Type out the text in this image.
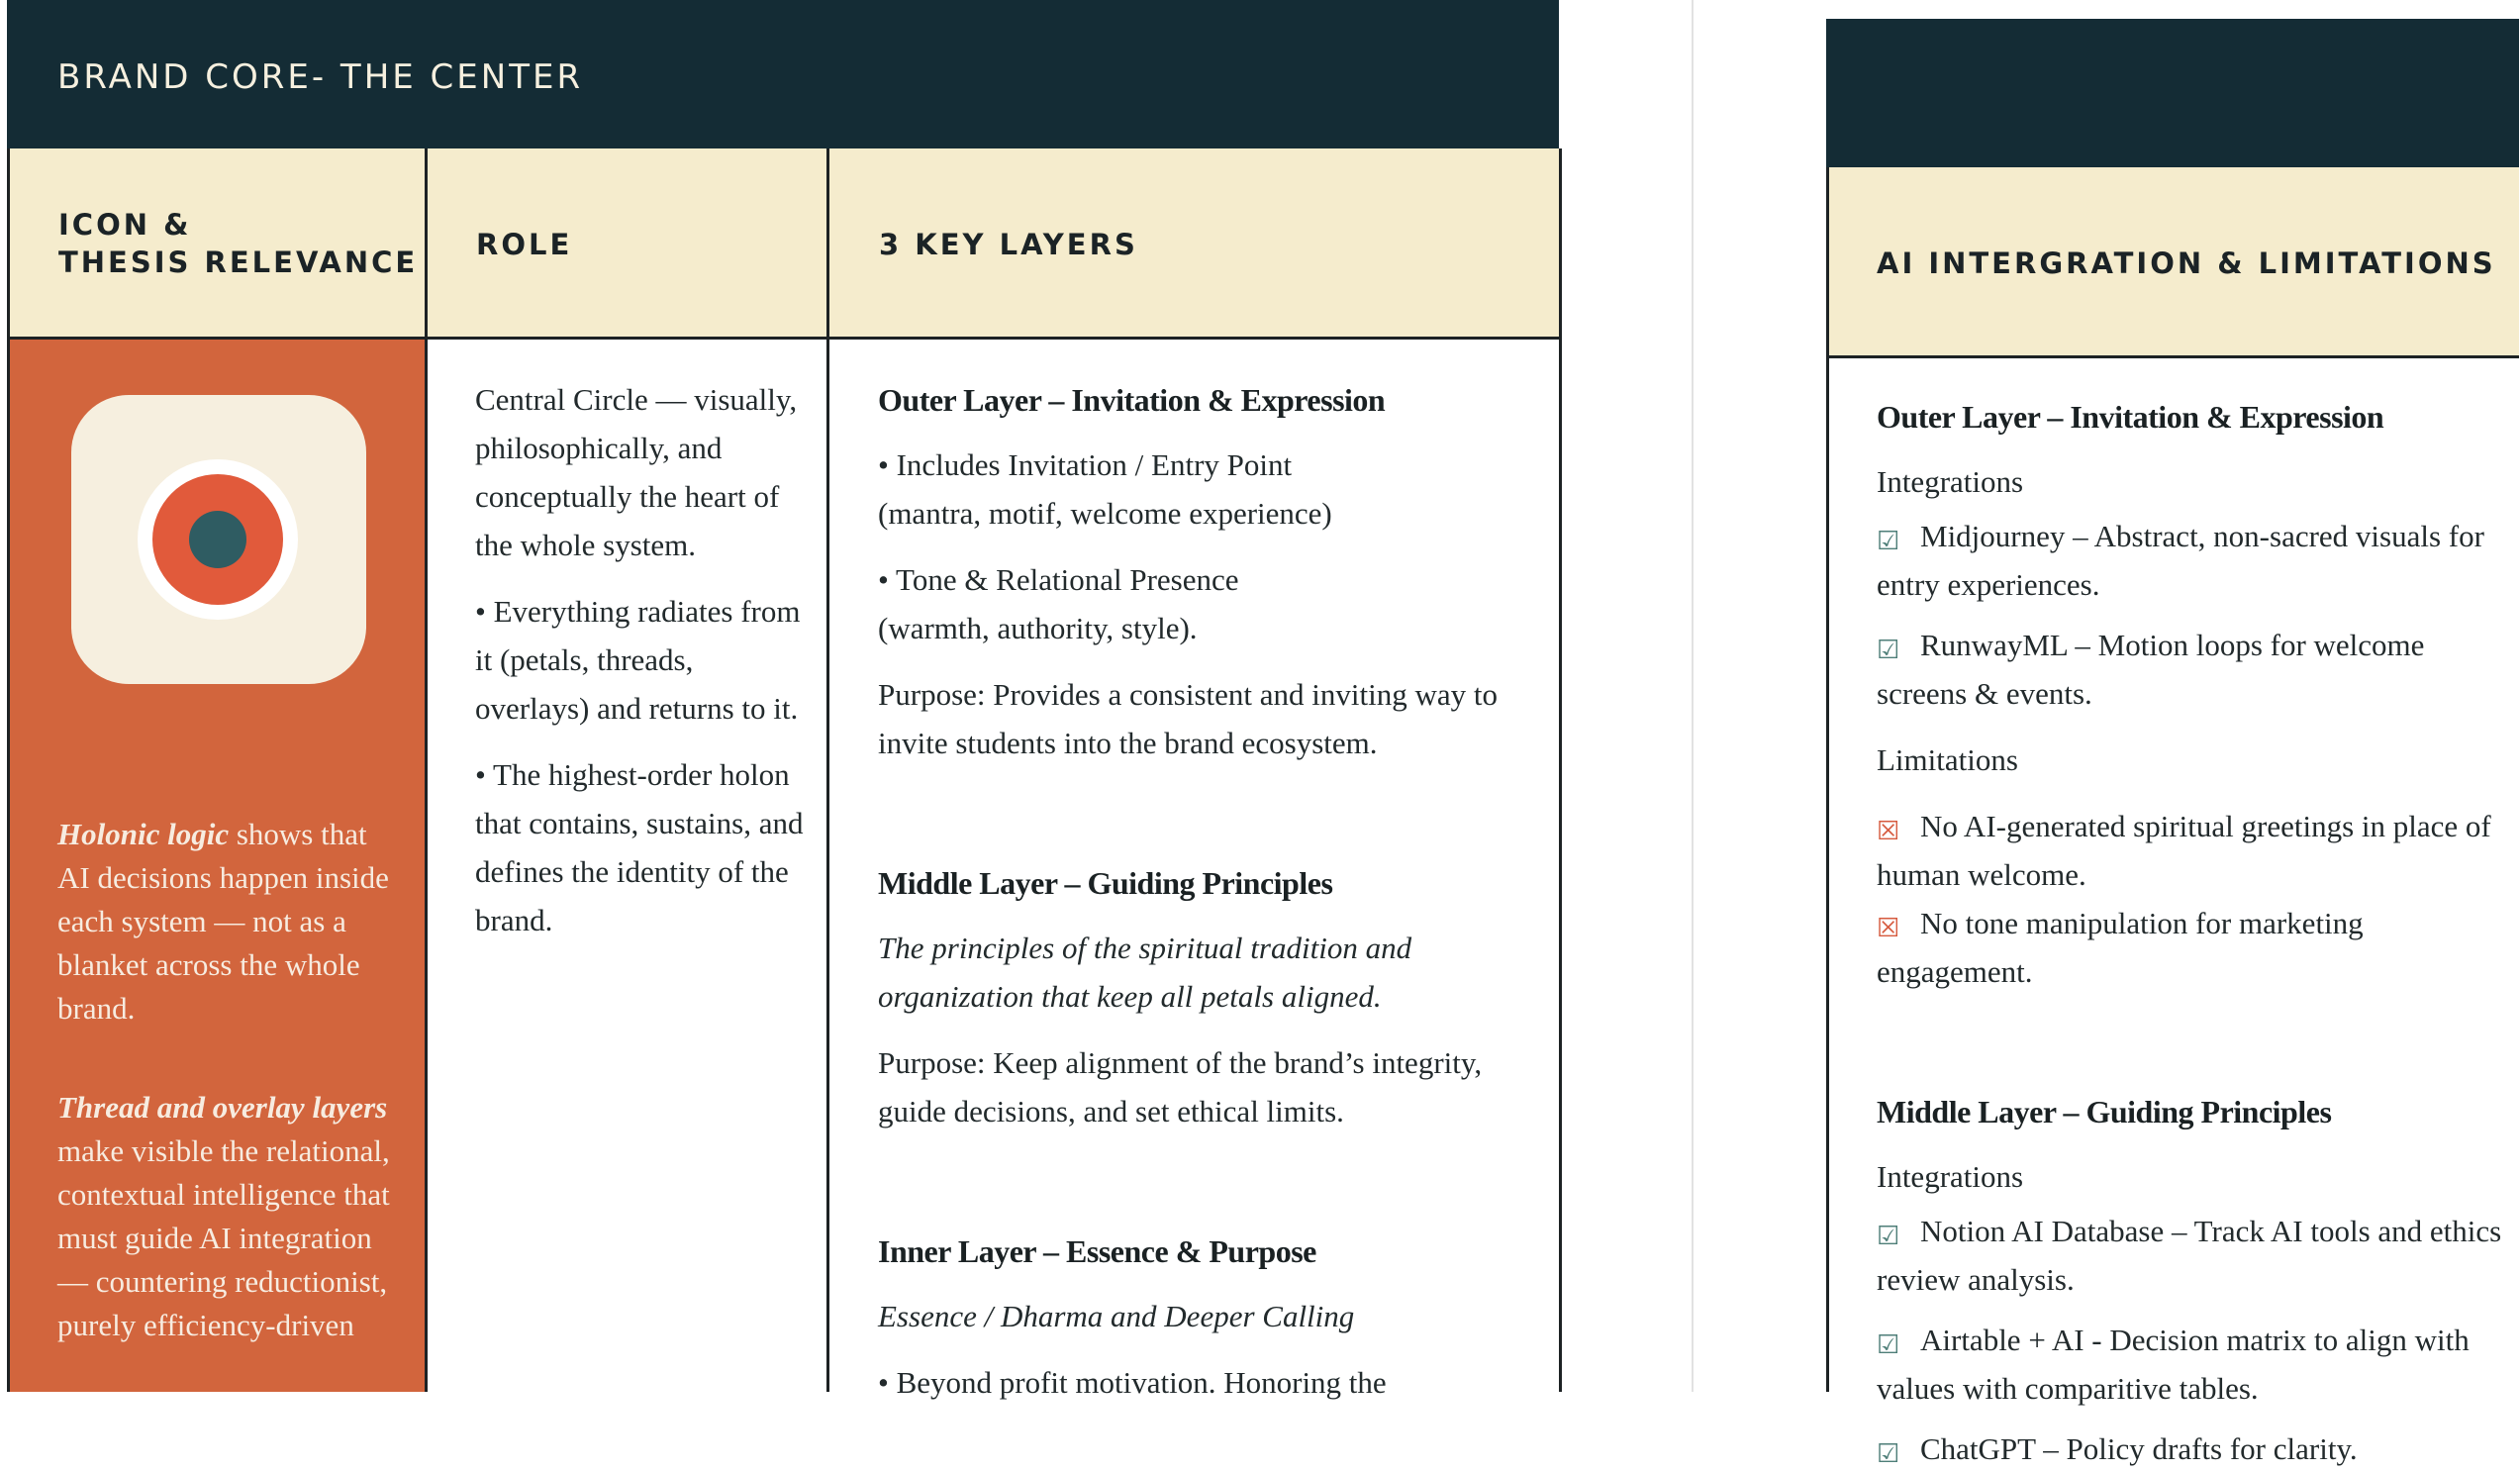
BRAND CORE- THE CENTER
ICON &
THESIS RELEVANCE
ROLE	3 KEY LAYERS

Holonic logic shows that AI decisions happen inside each system — not as a blanket across the whole brand.

Thread and overlay layers make visible the relational, contextual intelligence that must guide AI integration — countering reductionist, purely efficiency-driven

Central Circle — visually, philosophically, and conceptually the heart of the whole system.

• Everything radiates from it (petals, threads, overlays) and returns to it.

• The highest-order holon that contains, sustains, and defines the identity of the brand.

Outer Layer – Invitation & Expression

• Includes Invitation / Entry Point

(mantra, motif, welcome experience)

• Tone & Relational Presence

(warmth, authority, style).

Purpose: Provides a consistent and inviting way to invite students into the brand ecosystem.

Middle Layer – Guiding Principles

The principles of the spiritual tradition and organization that keep all petals aligned.

Purpose: Keep alignment of the brand’s integrity, guide decisions, and set ethical limits.

Inner Layer – Essence & Purpose

Essence / Dharma and Deeper Calling

• Beyond profit motivation. Honoring the

AI INTERGRATION & LIMITATIONS
Outer Layer – Invitation & Expression

Integrations

☑ Midjourney – Abstract, non-sacred visuals for entry experiences.

☑ RunwayML – Motion loops for welcome screens & events.

Limitations

☒ No AI-generated spiritual greetings in place of human welcome.

☒ No tone manipulation for marketing engagement.

Middle Layer – Guiding Principles

Integrations

☑ Notion AI Database – Track AI tools and ethics review analysis.

☑ Airtable + AI - Decision matrix to align with values with comparitive tables.

☑ ChatGPT – Policy drafts for clarity.
